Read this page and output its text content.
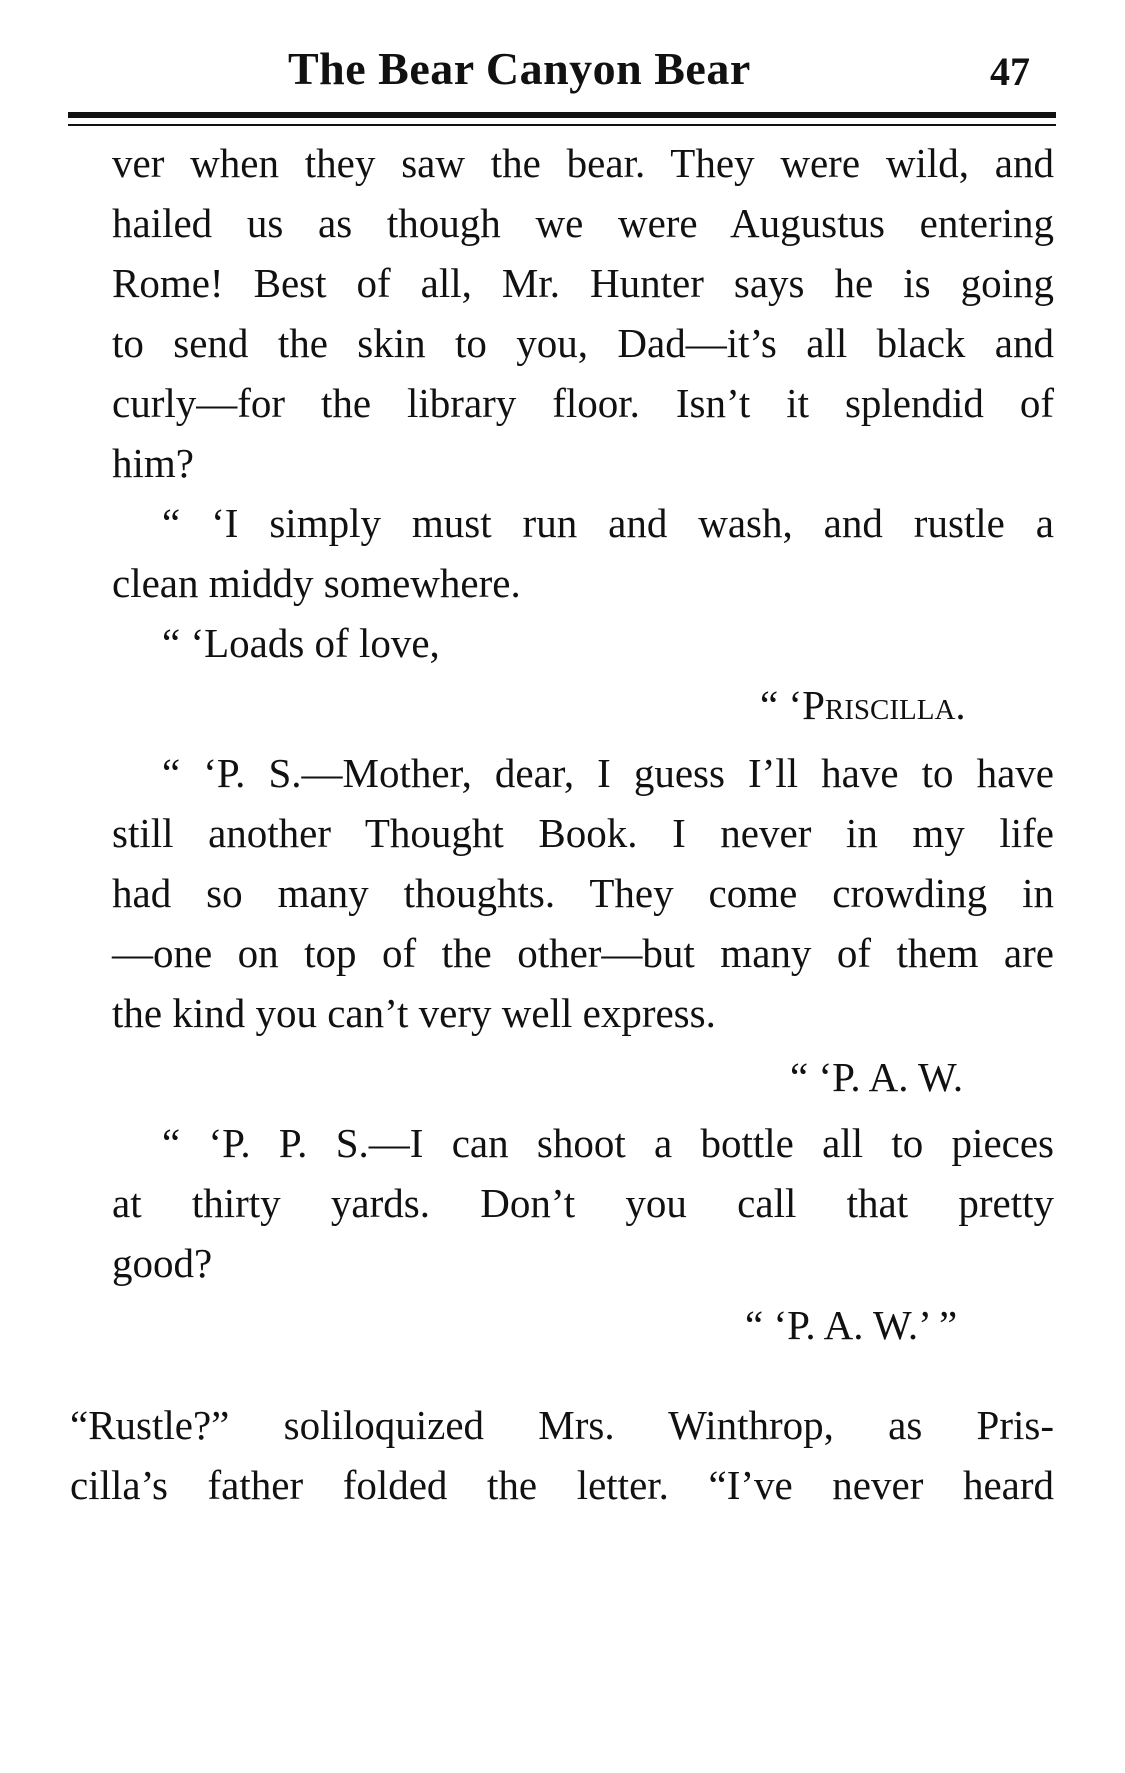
The Bear Canyon Bear	47
ver when they saw the bear. They were wild, and
hailed us as though we were Augustus entering
Rome! Best of all, Mr. Hunter says he is going
to send the skin to you, Dad—it’s all black and
curly—for the library floor. Isn’t it splendid of
him?
“ ‘I simply must run and wash, and rustle a
clean middy somewhere.
“ ‘Loads of love,
“ ‘Priscilla.
“ ‘P. S.—Mother, dear, I guess I’ll have to have
still another Thought Book. I never in my life
had so many thoughts. They come crowding in
—one on top of the other—but many of them are
the kind you can’t very well express.
“ ‘P. A. W.
“ ‘P. P. S.—I can shoot a bottle all to pieces
at thirty yards. Don’t you call that pretty
good?
“ ‘P. A. W.’ ”
“Rustle?” soliloquized Mrs. Winthrop, as Pris-
cilla’s father folded the letter. “I’ve never heard
